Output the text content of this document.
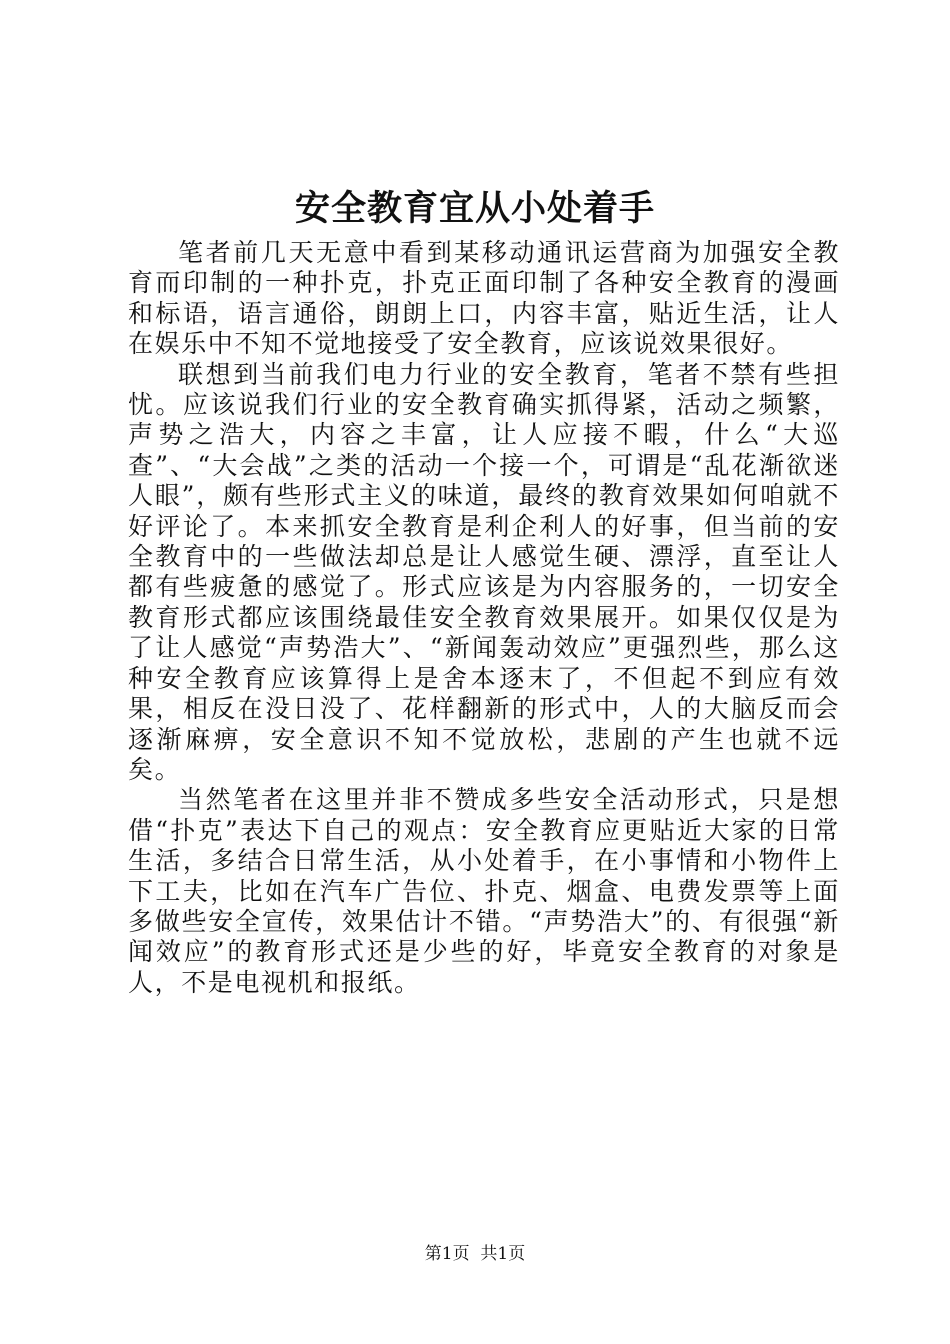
安全教育宜从小处着手

笔者前几天无意中看到某移动通讯运营商为加强安全教育而印制的一种扑克，扑克正面印制了各种安全教育的漫画和标语，语言通俗，朗朗上口，内容丰富，贴近生活，让人在娱乐中不知不觉地接受了安全教育，应该说效果很好。

联想到当前我们电力行业的安全教育，笔者不禁有些担忧。应该说我们行业的安全教育确实抓得紧，活动之频繁，声势之浩大，内容之丰富，让人应接不暇，什么“大巡查”、“大会战”之类的活动一个接一个，可谓是“乱花渐欲迷人眼”，颇有些形式主义的味道，最终的教育效果如何咱就不好评论了。本来抓安全教育是利企利人的好事，但当前的安全教育中的一些做法却总是让人感觉生硬、漂浮，直至让人都有些疲惫的感觉了。形式应该是为内容服务的，一切安全教育形式都应该围绕最佳安全教育效果展开。如果仅仅是为了让人感觉“声势浩大”、“新闻轰动效应”更强烈些，那么这种安全教育应该算得上是舍本逐末了，不但起不到应有效果，相反在没日没了、花样翻新的形式中，人的大脑反而会逐渐麻痹，安全意识不知不觉放松，悲剧的产生也就不远矣。

当然笔者在这里并非不赞成多些安全活动形式，只是想借“扑克”表达下自己的观点：安全教育应更贴近大家的日常生活，多结合日常生活，从小处着手，在小事情和小物件上下工夫，比如在汽车广告位、扑克、烟盒、电费发票等上面多做些安全宣传，效果估计不错。“声势浩大”的、有很强“新闻效应”的教育形式还是少些的好，毕竟安全教育的对象是人，不是电视机和报纸。

第1页 共1页
